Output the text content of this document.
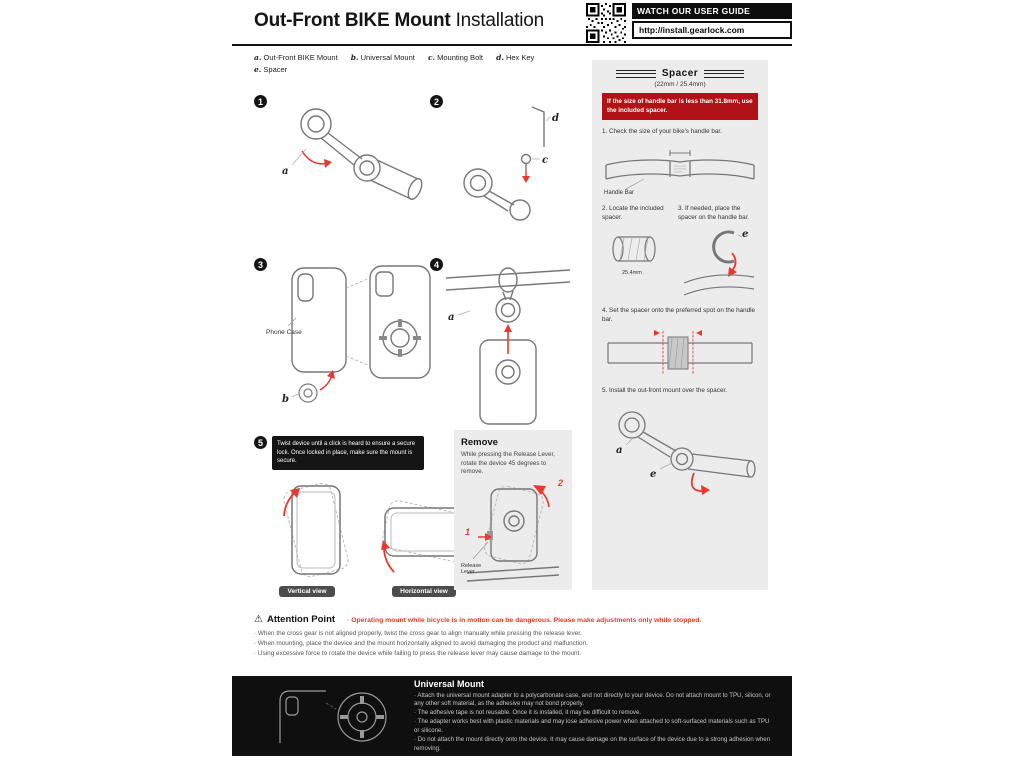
Out-Front BIKE Mount Installation	WATCH OUR USER GUIDE
http://install.gearlock.com
a. Out-Front BIKE Mount b. Universal Mount c. Mounting Bolt d. Hex Key
e. Spacer
1
a
2
d
c
3
Phone Case
b
4
a
5	Twist device until a click is heard to ensure a secure lock. Once locked in place, make sure the mount is secure.
Vertical view	Horizontal view
Remove
While pressing the Release Lever, rotate the device 45 degrees to remove.
2
1
Release Lever
Spacer
(22mm / 25.4mm)
If the size of handle bar is less than 31.8mm, use the included spacer.
1. Check the size of your bike's handle bar.
Handle Bar
2. Locate the included spacer.
25.4mm
3. If needed, place the spacer on the handle bar.
e
4. Set the spacer onto the preferred spot on the handle bar.
5. Install the out-front mount over the spacer.
a
e
⚠ Attention Point · Operating mount while bicycle is in motion can be dangerous. Please make adjustments only while stopped.
· When the cross gear is not aligned properly, twist the cross gear to align manually while pressing the release lever.
· When mounting, place the device and the mount horizontally aligned to avoid damaging the product and malfunction.
· Using excessive force to rotate the device while failing to press the release lever may cause damage to the mount.
Universal Mount
· Attach the universal mount adapter to a polycarbonate case, and not directly to your device. Do not attach mount to TPU, silicon, or any other soft material, as the adhesive may not bond properly.
· The adhesive tape is not reusable. Once it is installed, it may be difficult to remove.
· The adapter works best with plastic materials and may lose adhesive power when attached to soft-surfaced materials such as TPU or silicone.
· Do not attach the mount directly onto the device. It may cause damage on the surface of the device due to a strong adhesion when removing.
